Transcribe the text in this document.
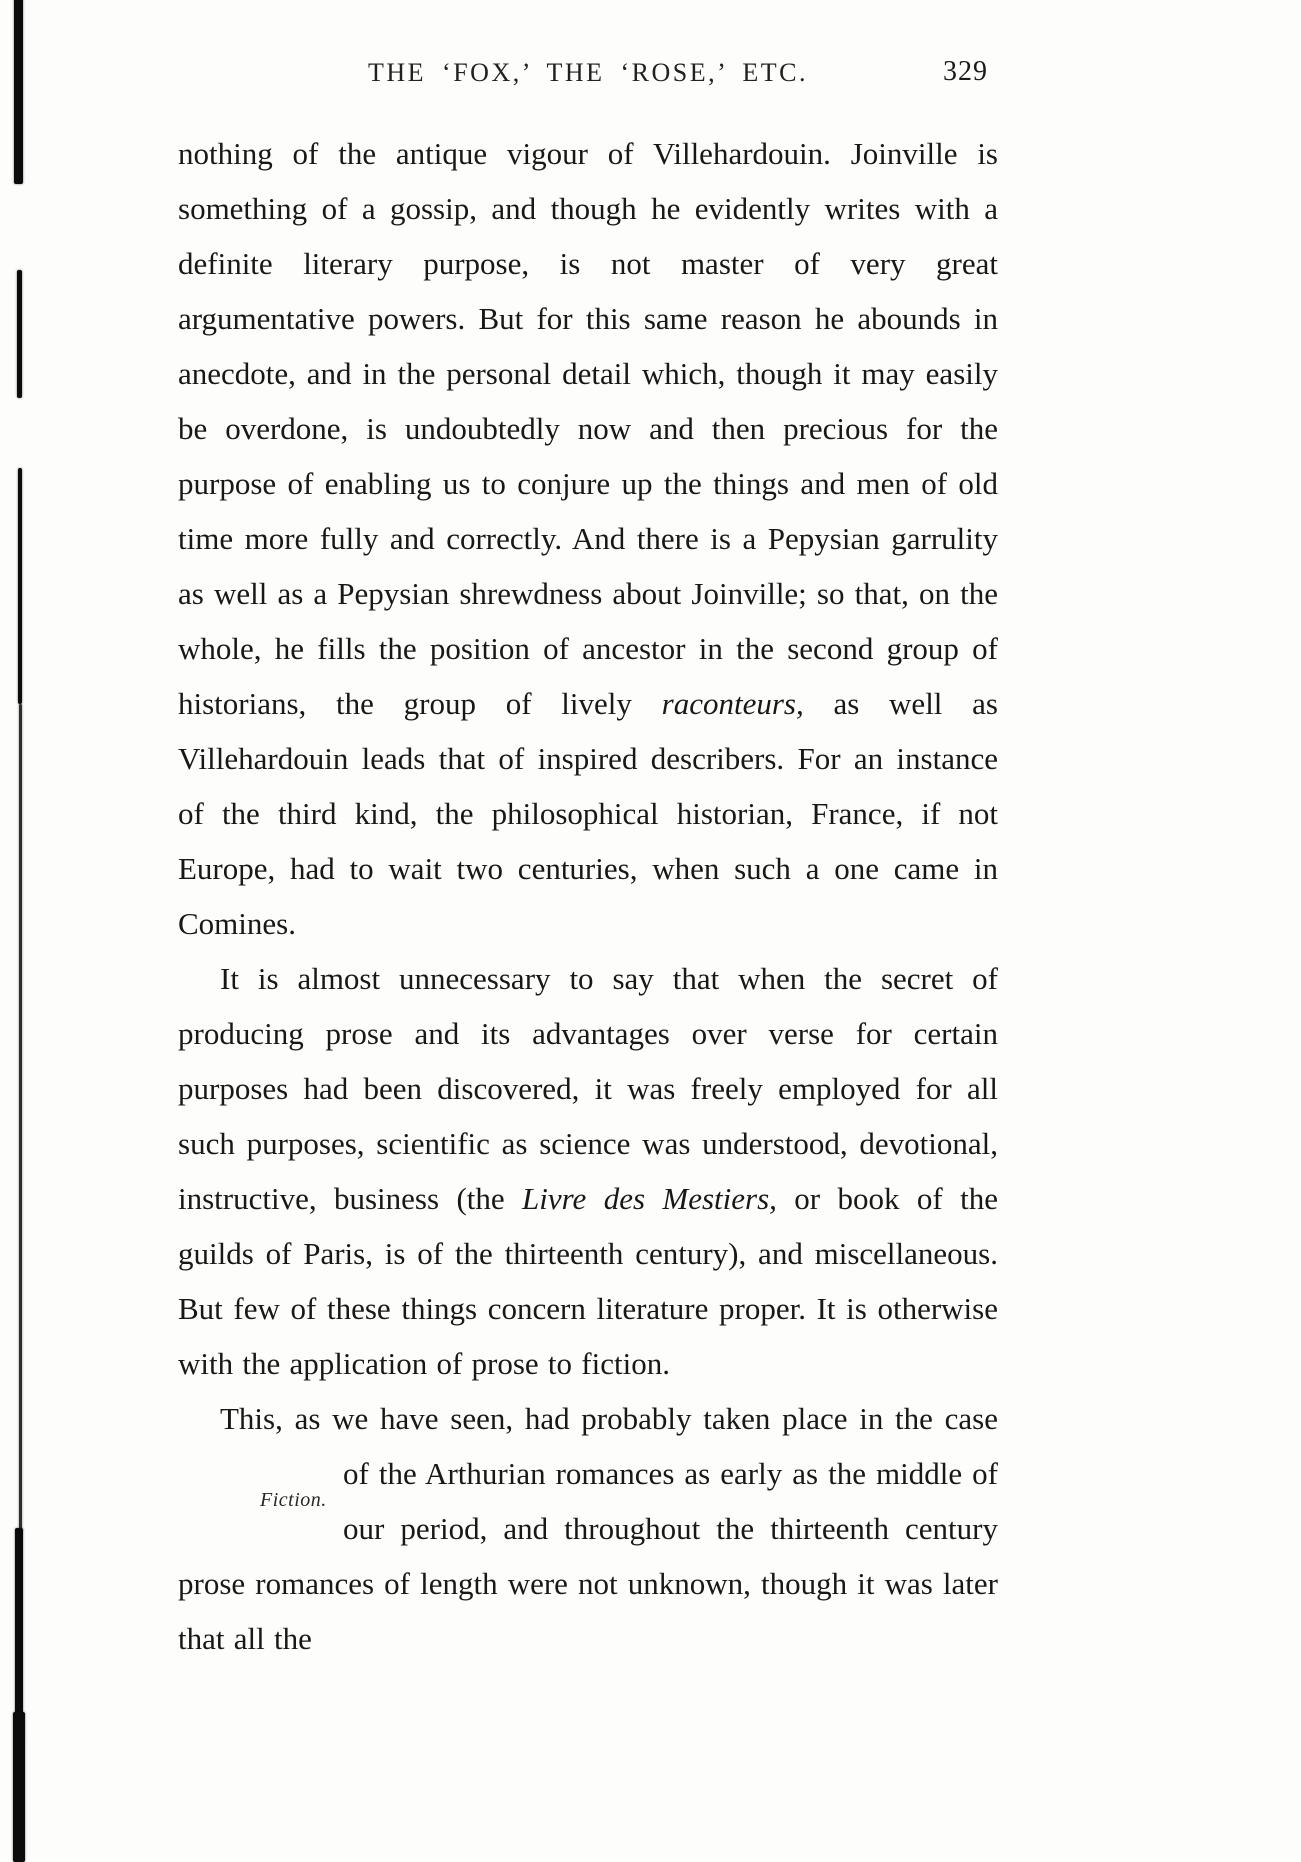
THE ‘FOX,’ THE ‘ROSE,’ ETC.	329

nothing of the antique vigour of Villehardouin. Joinville is something of a gossip, and though he evidently writes with a definite literary purpose, is not master of very great argumentative powers. But for this same reason he abounds in anecdote, and in the personal detail which, though it may easily be overdone, is undoubtedly now and then precious for the purpose of enabling us to conjure up the things and men of old time more fully and correctly. And there is a Pepysian garrulity as well as a Pepysian shrewdness about Joinville; so that, on the whole, he fills the position of ancestor in the second group of historians, the group of lively raconteurs, as well as Villehardouin leads that of inspired describers. For an instance of the third kind, the philosophical historian, France, if not Europe, had to wait two centuries, when such a one came in Comines.

It is almost unnecessary to say that when the secret of producing prose and its advantages over verse for certain purposes had been discovered, it was freely employed for all such purposes, scientific as science was understood, devotional, instructive, business (the Livre des Mestiers, or book of the guilds of Paris, is of the thirteenth century), and miscellaneous. But few of these things concern literature proper. It is otherwise with the application of prose to fiction.

This, as we have seen, had probably taken place in the case of the Arthurian romances as early as the
Fiction.
middle of our period, and throughout the thirteenth century prose romances of length were not unknown, though it was later that all the
